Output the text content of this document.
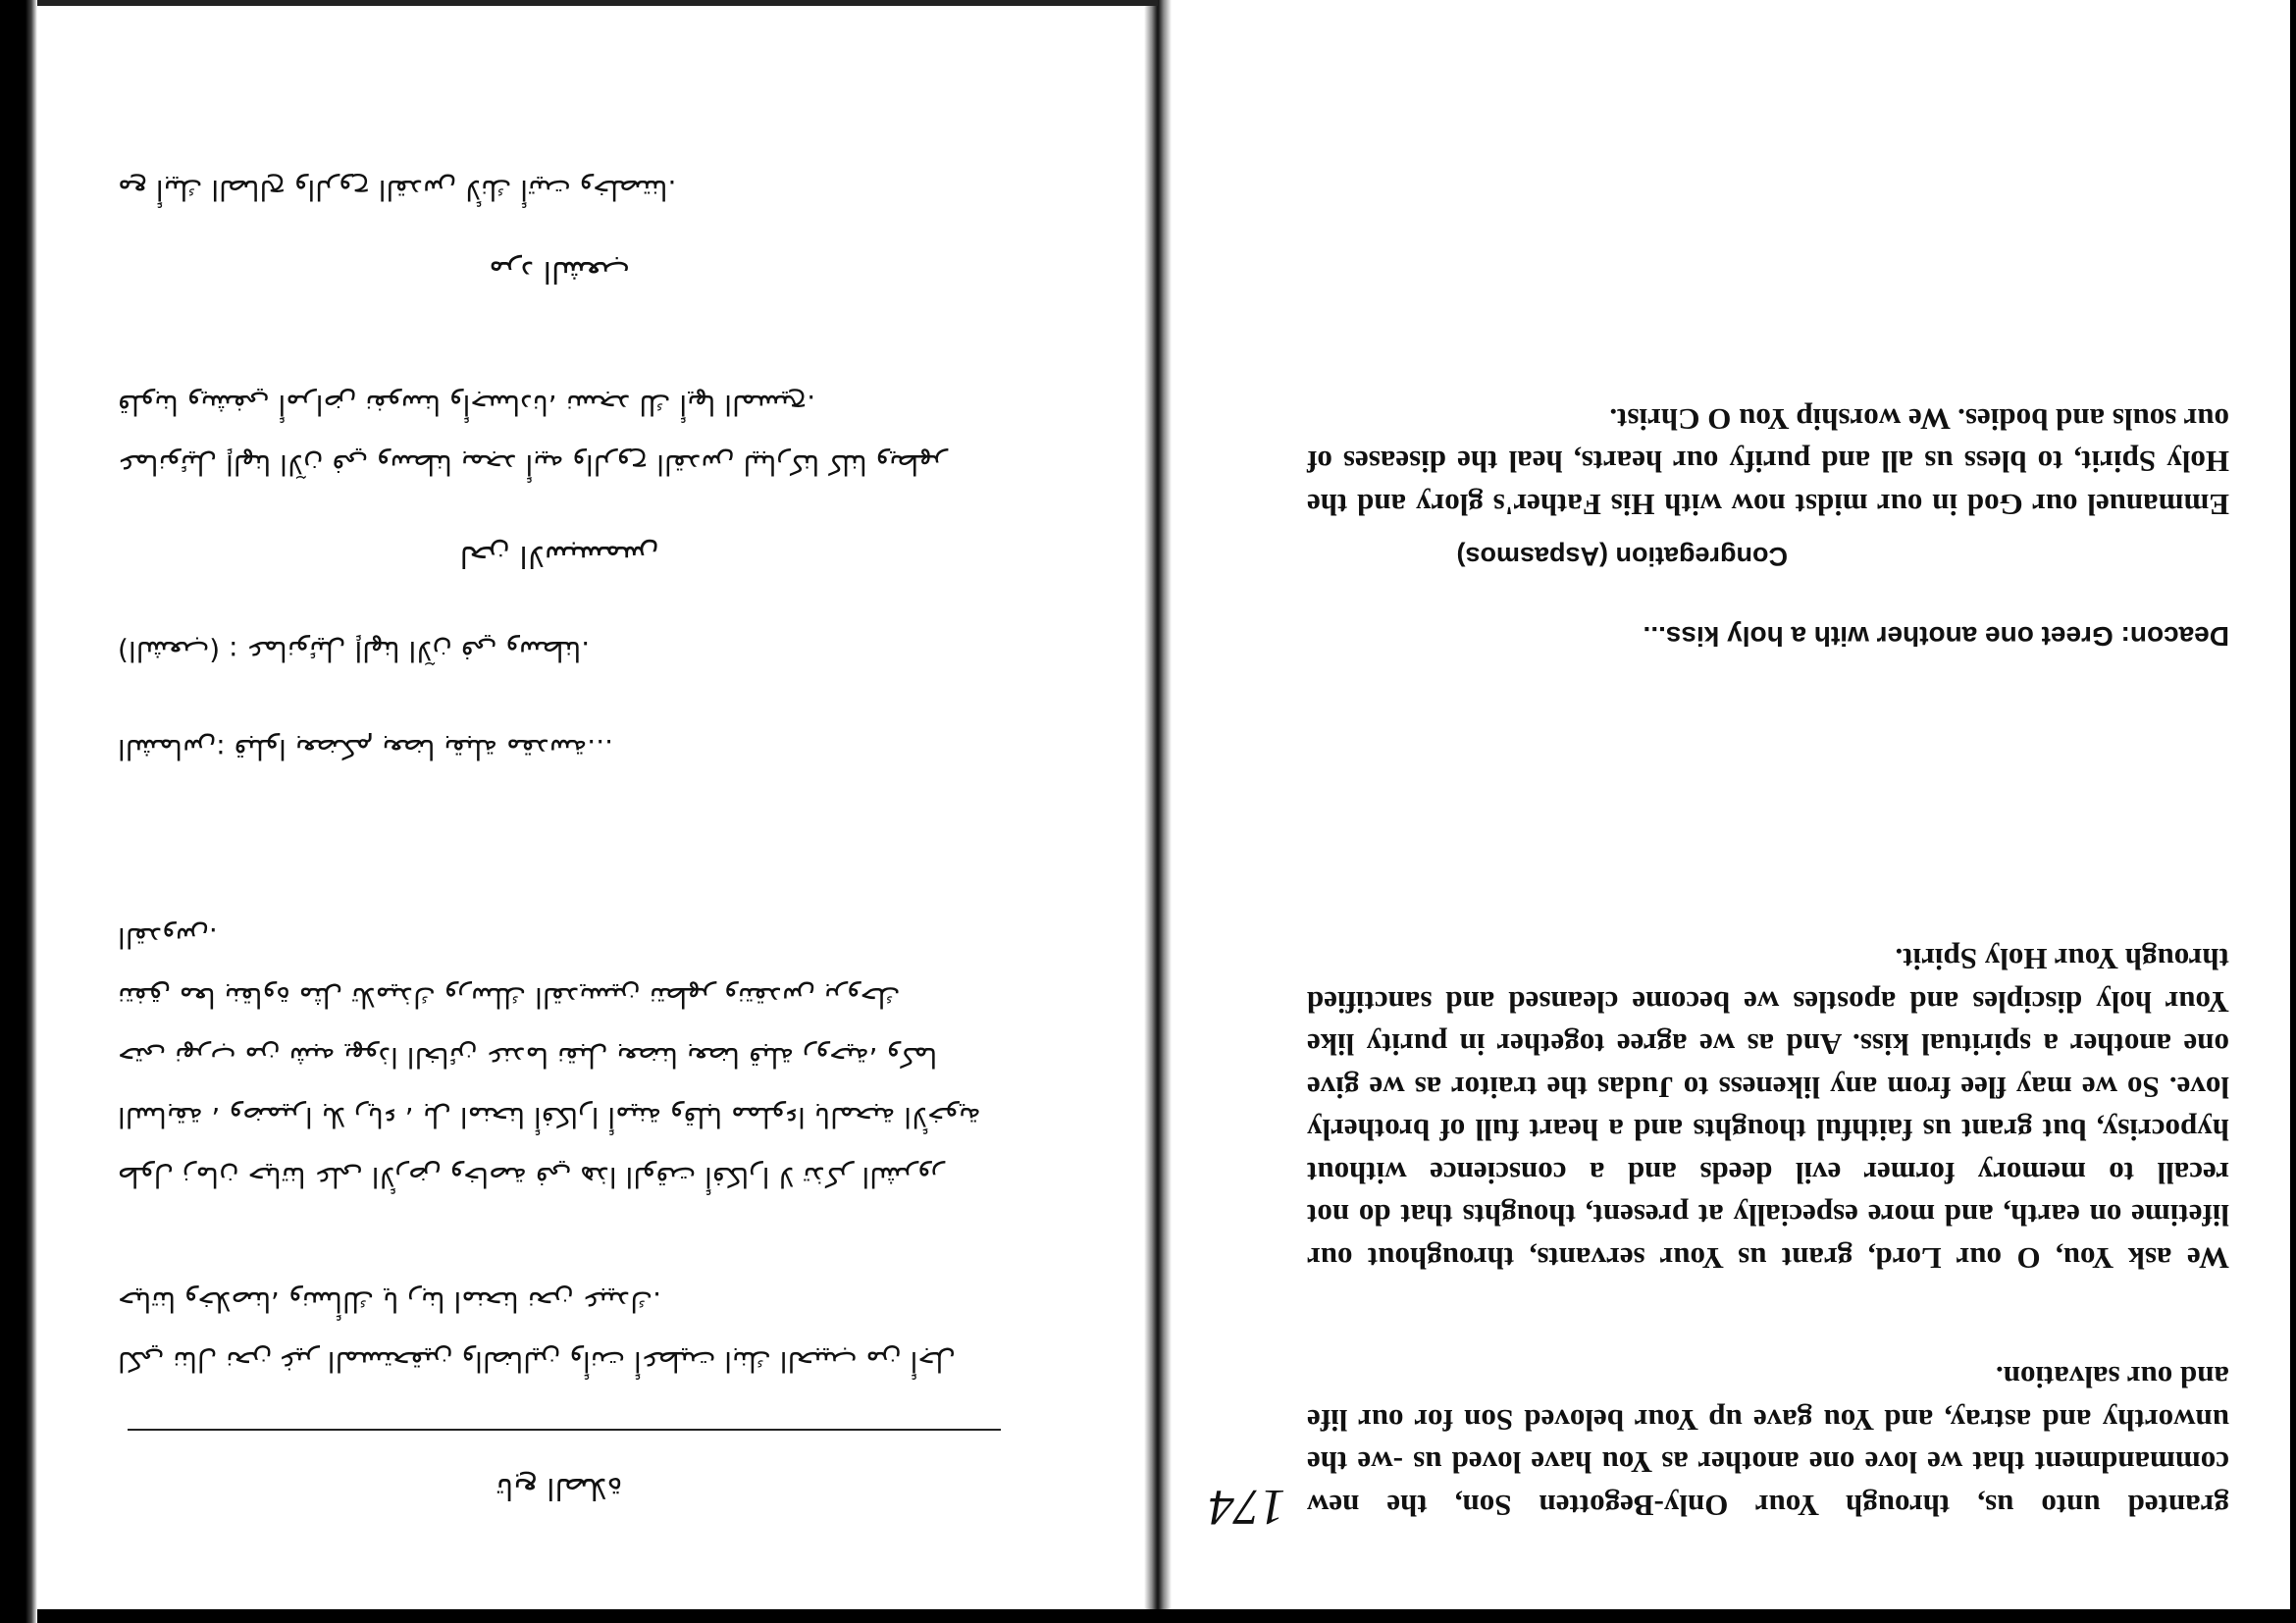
granted unto us, through Your Only-Begotten Son, the new commandment that we love one another as You have loved us -we the unworthy and astray, and You gave up Your beloved Son for our life and our salvation.

We ask You, O our Lord, grant us Your servants, throughout our lifetime on earth, and more especially at present, thoughts that do not recall to memory former evil deeds and a conscience without hypocrisy, but grant us faithful thoughts and a heart full of brotherly love. So we may flee from any likeness to Judas the traitor as we give one another a spiritual kiss. And as we agree together in purity like Your holy disciples and apostles we become cleansed and sanctified through Your Holy Spirit.

Deacon: Greet one another with a holy kiss...

Congregation (Aspasmos)

Emmanuel our God in our midst now with His Father's glory and the Holy Spirit, to bless us all and purify our hearts, heal the diseases of our souls and bodies. We worship You O Christ.

174

تابع الصلاة

لكي ننال نحن غير المستحقين والضالين وأنت أعطيت ابنك الحبيب من أجل حياتنا وخلاصنا، ونسألك يا ربنا امنحنا نحن عبيدك.

طول زمان حياتنا على الأرض وخاصة في هذا الوقت أفكارا لا تذكر الشرور السابقة ، وضميرا بلا رياء ، بل امنحنا أفكارا أمينة وقلبا مملوءا بالمحبة الأخوية حتى نهرب من شبه يهوذا الخائن عندما نقبل بعضنا بعضا قبلة روحية، وكما نتفق معا بنقاوة مثل تلاميذك ورسلك القديسين نتطهر ونتقدس بروحك القدوس.

الشماس: قبلوا بعضكم بعضا بقبلة مقدسة...

(الشعب) : عمانوئيل إلهنا الآن في وسطنا.

لحن الاسبسمس

عمانوئيل إلهنا الآن في وسطنا بمجد أبيه والروح القدس ليباركنا كلنا ويطهر قلوبنا ويشفي أمراض نفوسنا وأجسادنا، نسجد لك أيها المسيح.

مرد الشعب

مع أبيك الصالح والروح القدس لأنك أتيت وخلصتنا.
